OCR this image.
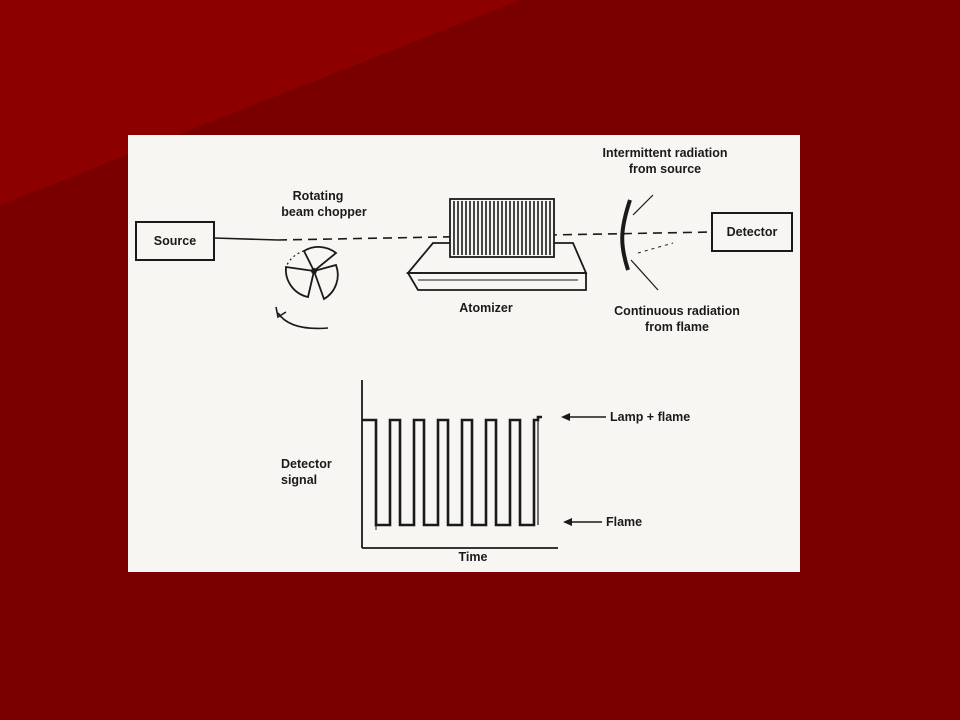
Source
Rotating
beam chopper
Atomizer
Intermittent radiation
from source
Continuous radiation
from flame
Detector
Detector
signal
Lamp + flame
Flame
Time
